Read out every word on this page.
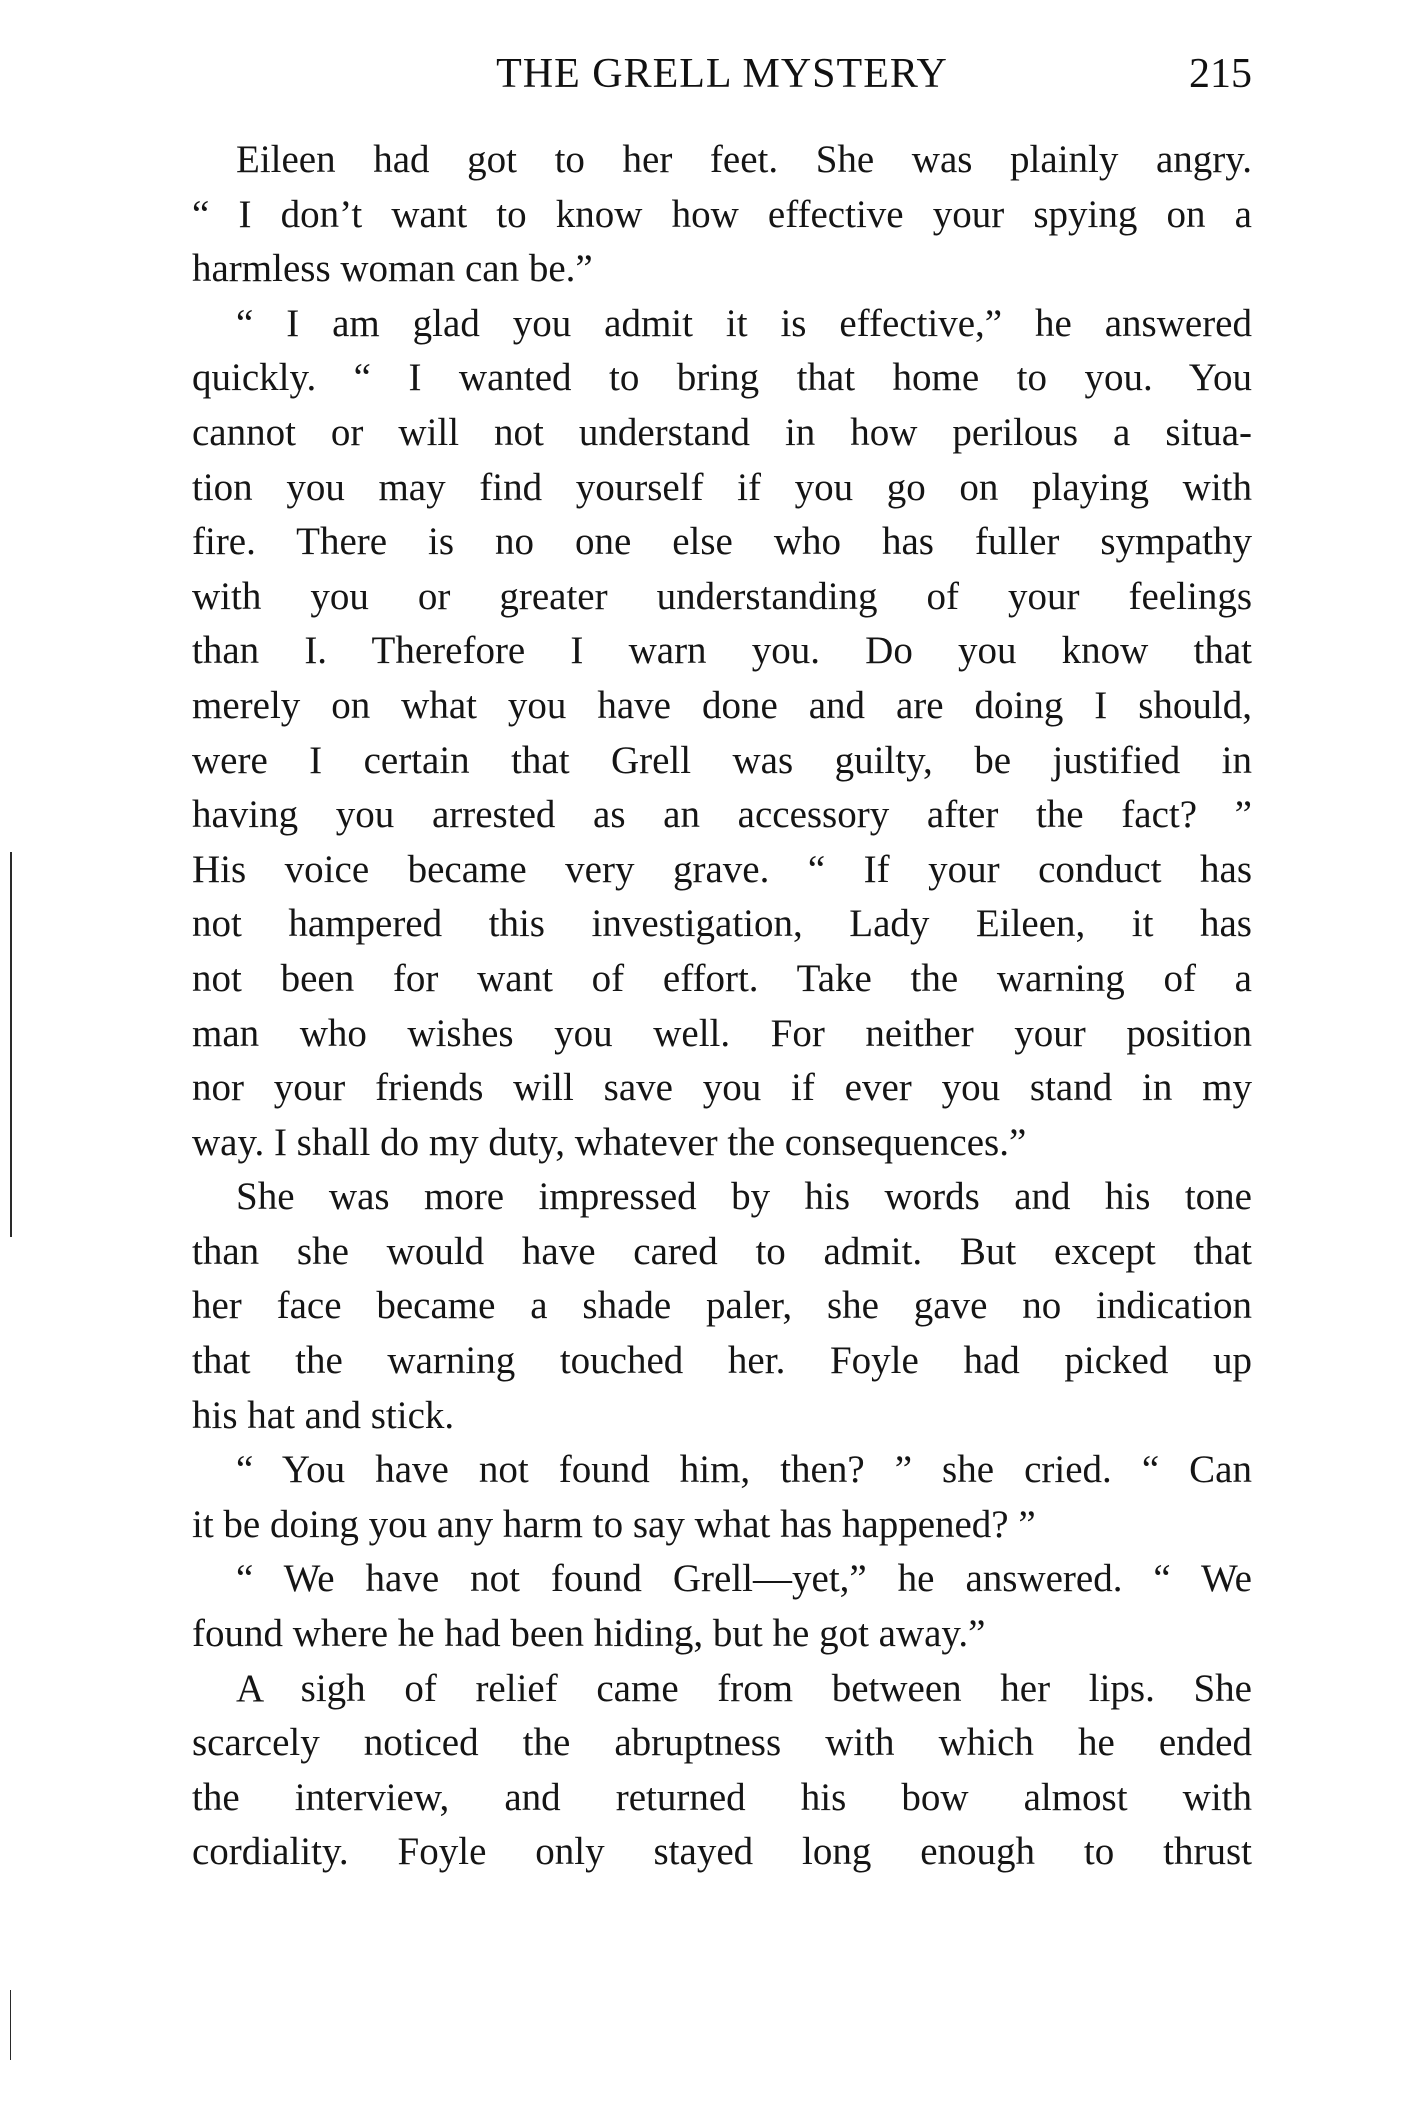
THE GRELL MYSTERY	215
Eileen had got to her feet. She was plainly angry.
“ I don’t want to know how effective your spying on a
harmless woman can be.”
“ I am glad you admit it is effective,” he answered
quickly. “ I wanted to bring that home to you. You
cannot or will not understand in how perilous a situa-
tion you may find yourself if you go on playing with
fire. There is no one else who has fuller sympathy
with you or greater understanding of your feelings
than I. Therefore I warn you. Do you know that
merely on what you have done and are doing I should,
were I certain that Grell was guilty, be justified in
having you arrested as an accessory after the fact? ”
His voice became very grave. “ If your conduct has
not hampered this investigation, Lady Eileen, it has
not been for want of effort. Take the warning of a
man who wishes you well. For neither your position
nor your friends will save you if ever you stand in my
way. I shall do my duty, whatever the consequences.”
She was more impressed by his words and his tone
than she would have cared to admit. But except that
her face became a shade paler, she gave no indication
that the warning touched her. Foyle had picked up
his hat and stick.
“ You have not found him, then? ” she cried. “ Can
it be doing you any harm to say what has happened? ”
“ We have not found Grell—yet,” he answered. “ We
found where he had been hiding, but he got away.”
A sigh of relief came from between her lips. She
scarcely noticed the abruptness with which he ended
the interview, and returned his bow almost with
cordiality. Foyle only stayed long enough to thrust
